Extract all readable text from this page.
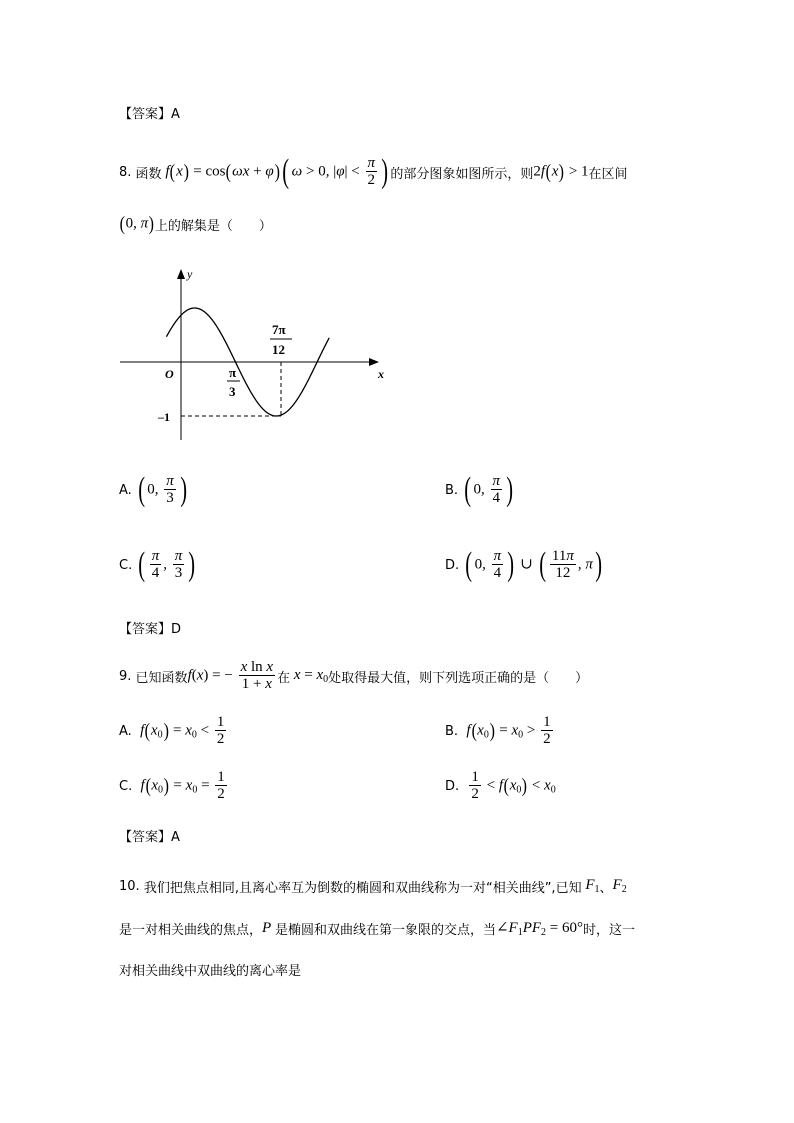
【答案】A
8.
函数 f(x) = cos(ωx + φ)( ω > 0, $|\varphi| < \frac{\pi}{2}$ ) 的部分图象如图所示，则 2f(x) > 1 在区间
(0, π) 上的解集是（　　）
y
x
O	π
3
7π
12
–1
A.
( 0, $\frac{\pi}{3}$ )	B.
( 0, $\frac{\pi}{4}$ )
C.
( $\frac{\pi}{4}$ , $\frac{\pi}{3}$ )	D.
( 0, $\frac{\pi}{4}$ ) ∪ ( $\frac{11\pi}{12}$ , π)
【答案】D
9.
已知函数 f(x) = − $\frac{\text{x ln x}}{1 + x}$ 在 $x = x_0$ 处取得最大值，则下列选项正确的是（　　）
A.
$f(x_0) = x_0 < \frac{1}{2}$	B.
$f(x_0) = x_0 > \frac{1}{2}$
C.
$f(x_0) = x_0 = \frac{1}{2}$	D.
$\frac{1}{2} < f(x_0) < x_0$
【答案】A
10.
我们把焦点相同,且离心率互为倒数的椭圆和双曲线称为一对“相关曲线”,已知 $F_1$ 、 $F_2$
是一对相关曲线的焦点， P 是椭圆和双曲线在第一象限的交点，当 $\angle F_1PF_2 = 60^\circ$ 时，这一
对相关曲线中双曲线的离心率是
